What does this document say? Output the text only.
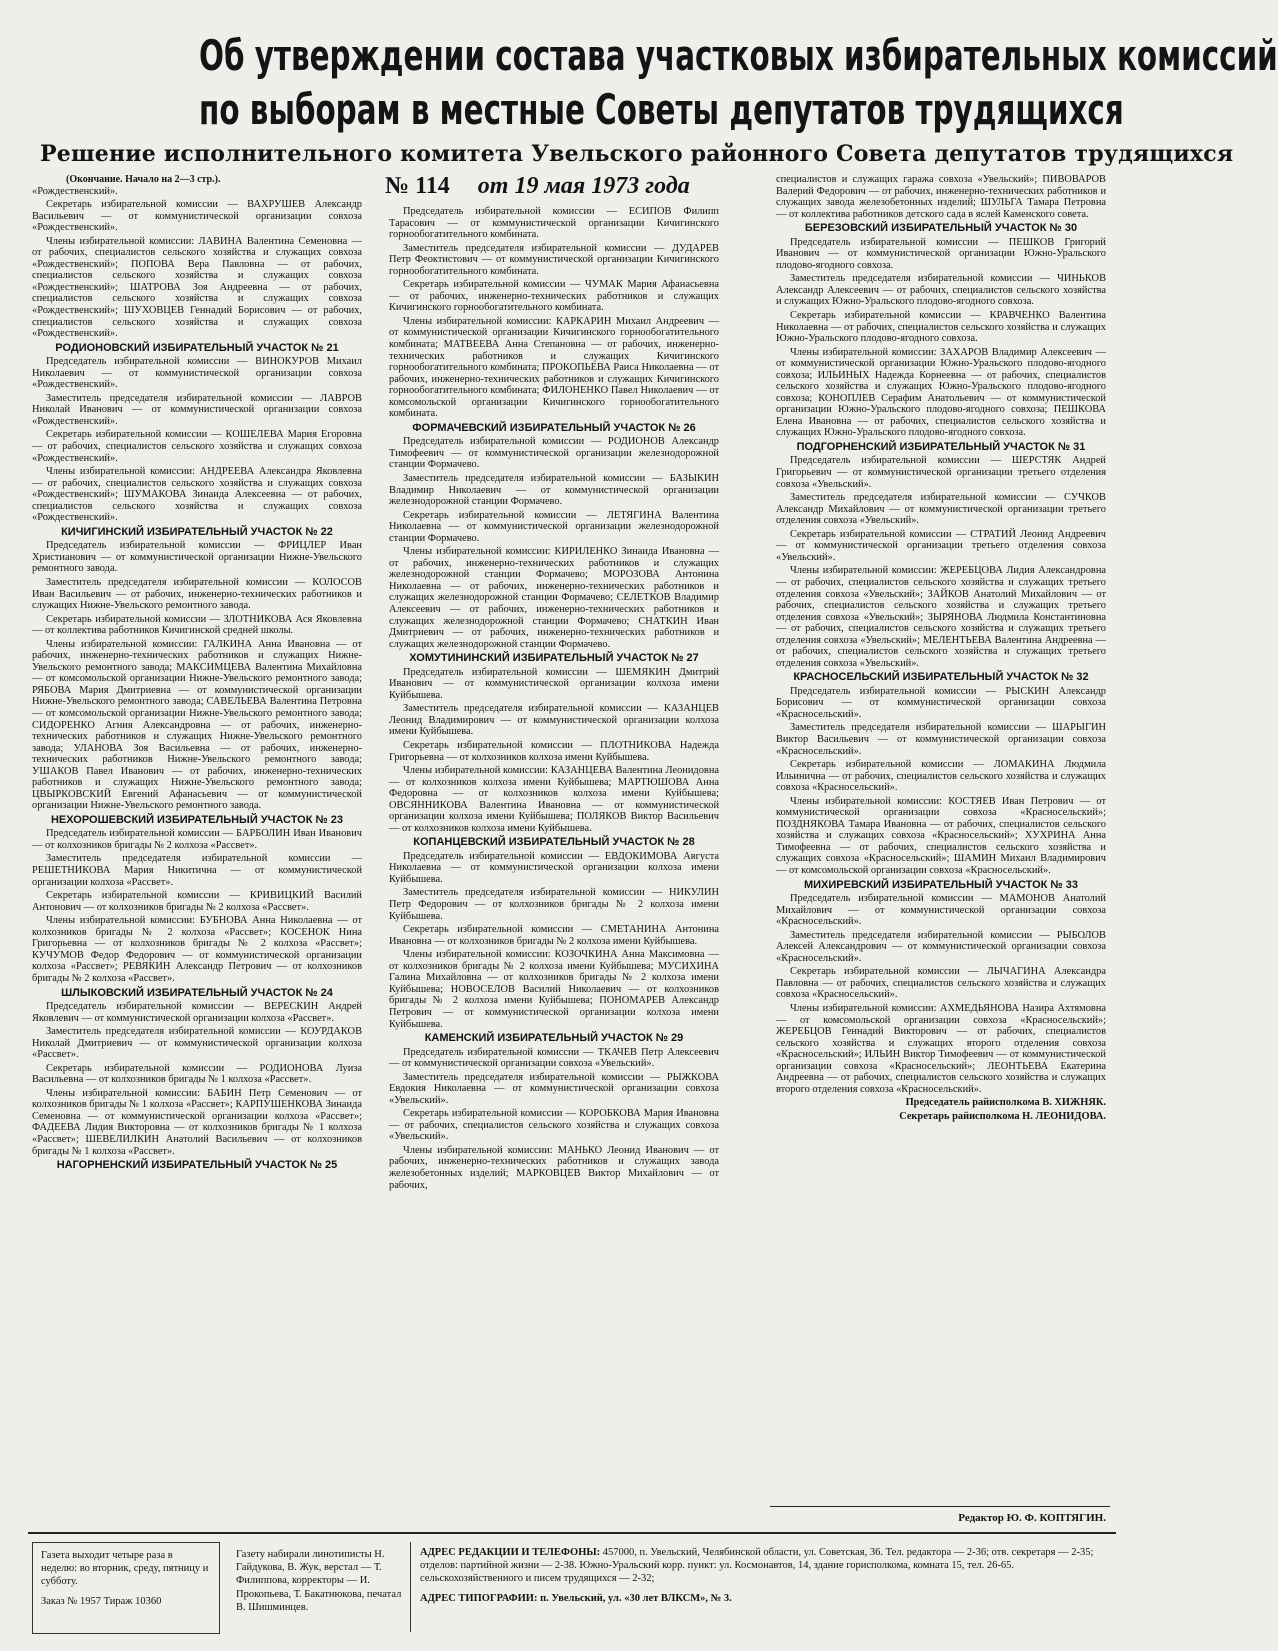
Об утверждении состава участковых избирательных комиссий
по выборам в местные Советы депутатов трудящихся
Решение исполнительного комитета Увельского районного Совета депутатов трудящихся
№ 114 от 19 мая 1973 года

(Окончание. Начало на 2—3 стр.).

«Рождественский».

Секретарь избирательной комиссии — ВАХРУШЕВ Александр Васильевич — от коммунистической организации совхоза «Рождественский».

Члены избирательной комиссии: ЛАВИНА Валентина Семеновна — от рабочих, специалистов сельского хозяйства и служащих совхоза «Рождественский»; ПОПОВА Вера Павловна — от рабочих, специалистов сельского хозяйства и служащих совхоза «Рождественский»; ШАТРОВА Зоя Андреевна — от рабочих, специалистов сельского хозяйства и служащих совхоза «Рождественский»; ШУХОВЦЕВ Геннадий Борисович — от рабочих, специалистов сельского хозяйства и служащих совхоза «Рождественский».

РОДИОНОВСКИЙ ИЗБИРАТЕЛЬНЫЙ УЧАСТОК № 21

Председатель избирательной комиссии — ВИНОКУРОВ Михаил Николаевич — от коммунистической организации совхоза «Рождественский».

Заместитель председателя избирательной комиссии — ЛАВРОВ Николай Иванович — от коммунистической организации совхоза «Рождественский».

Секретарь избирательной комиссии — КОШЕЛЕВА Мария Егоровна — от рабочих, специалистов сельского хозяйства и служащих совхоза «Рождественский».

Члены избирательной комиссии: АНДРЕЕВА Александра Яковлевна — от рабочих, специалистов сельского хозяйства и служащих совхоза «Рождественский»; ШУМАКОВА Зинаида Алексеевна — от рабочих, специалистов сельского хозяйства и служащих совхоза «Рождественский».

КИЧИГИНСКИЙ ИЗБИРАТЕЛЬНЫЙ УЧАСТОК № 22

Председатель избирательной комиссии — ФРИЦЛЕР Иван Христианович — от коммунистической организации Нижне-Увельского ремонтного завода.

Заместитель председателя избирательной комиссии — КОЛОСОВ Иван Васильевич — от рабочих, инженерно-технических работников и служащих Нижне-Увельского ремонтного завода.

Секретарь избирательной комиссии — ЗЛОТНИКОВА Ася Яковлевна — от коллектива работников Кичигинской средней школы.

Члены избирательной комиссии: ГАЛКИНА Анна Ивановна — от рабочих, инженерно-технических работников и служащих Нижне-Увельского ремонтного завода; МАКСИМЦЕВА Валентина Михайловна — от комсомольской организации Нижне-Увельского ремонтного завода; РЯБОВА Мария Дмитриевна — от коммунистической организации Нижне-Увельского ремонтного завода; САВЕЛЬЕВА Валентина Петровна — от комсомольской организации Нижне-Увельского ремонтного завода; СИДОРЕНКО Агния Александровна — от рабочих, инженерно-технических работников и служащих Нижне-Увельского ремонтного завода; УЛАНОВА Зоя Васильевна — от рабочих, инженерно-технических работников Нижне-Увельского ремонтного завода; УШАКОВ Павел Иванович — от рабочих, инженерно-технических работников и служащих Нижне-Увельского ремонтного завода; ЦВЫРКОВСКИЙ Евгений Афанасьевич — от коммунистической организации Нижне-Увельского ремонтного завода.

НЕХОРОШЕВСКИЙ ИЗБИРАТЕЛЬНЫЙ УЧАСТОК № 23

Председатель избирательной комиссии — БАРБОЛИН Иван Иванович — от колхозников бригады № 2 колхоза «Рассвет».

Заместитель председателя избирательной комиссии — РЕШЕТНИКОВА Мария Никитична — от коммунистической организации колхоза «Рассвет».

Секретарь избирательной комиссии — КРИВИЦКИЙ Василий Антонович — от колхозников бригады № 2 колхоза «Рассвет».

Члены избирательной комиссии: БУБНОВА Анна Николаевна — от колхозников бригады № 2 колхоза «Рассвет»; КОСЕНОК Нина Григорьевна — от колхозников бригады № 2 колхоза «Рассвет»; КУЧУМОВ Федор Федорович — от коммунистической организации колхоза «Рассвет»; РЕВЯКИН Александр Петрович — от колхозников бригады № 2 колхоза «Рассвет».

ШЛЫКОВСКИЙ ИЗБИРАТЕЛЬНЫЙ УЧАСТОК № 24

Председатель избирательной комиссии — ВЕРЕСКИН Андрей Яковлевич — от коммунистической организации колхоза «Рассвет».

Заместитель председателя избирательной комиссии — КОУРДАКОВ Николай Дмитриевич — от коммунистической организации колхоза «Рассвет».

Секретарь избирательной комиссии — РОДИОНОВА Луиза Васильевна — от колхозников бригады № 1 колхоза «Рассвет».

Члены избирательной комиссии: БАБИН Петр Семенович — от колхозников бригады № 1 колхоза «Рассвет»; КАРПУШЕНКОВА Зинаида Семеновна — от коммунистической организации колхоза «Рассвет»; ФАДЕЕВА Лидия Викторовна — от колхозников бригады № 1 колхоза «Рассвет»; ШЕВЕЛИЛКИН Анатолий Васильевич — от колхозников бригады № 1 колхоза «Рассвет».

НАГОРНЕНСКИЙ ИЗБИРАТЕЛЬНЫЙ УЧАСТОК № 25

Председатель избирательной комиссии — ЕСИПОВ Филипп Тарасович — от коммунистической организации Кичигинского горнообогатительного комбината.

Заместитель председателя избирательной комиссии — ДУДАРЕВ Петр Феоктистович — от коммунистической организации Кичигинского горнообогатительного комбината.

Секретарь избирательной комиссии — ЧУМАК Мария Афанасьевна — от рабочих, инженерно-технических работников и служащих Кичигинского горнообогатительного комбината.

Члены избирательной комиссии: КАРКАРИН Михаил Андреевич — от коммунистической организации Кичигинского горнообогатительного комбината; МАТВЕЕВА Анна Степановна — от рабочих, инженерно-технических работников и служащих Кичигинского горнообогатительного комбината; ПРОКОПЬЕВА Раиса Николаевна — от рабочих, инженерно-технических работников и служащих Кичигинского горнообогатительного комбината; ФИЛОНЕНКО Павел Николаевич — от комсомольской организации Кичигинского горнообогатительного комбината.

ФОРМАЧЕВСКИЙ ИЗБИРАТЕЛЬНЫЙ УЧАСТОК № 26

Председатель избирательной комиссии — РОДИОНОВ Александр Тимофеевич — от коммунистической организации железнодорожной станции Формачево.

Заместитель председателя избирательной комиссии — БАЗЫКИН Владимир Николаевич — от коммунистической организации железнодорожной станции Формачево.

Секретарь избирательной комиссии — ЛЕТЯГИНА Валентина Николаевна — от коммунистической организации железнодорожной станции Формачево.

Члены избирательной комиссии: КИРИЛЕНКО Зинаида Ивановна — от рабочих, инженерно-технических работников и служащих железнодорожной станции Формачево; МОРОЗОВА Антонина Николаевна — от рабочих, инженерно-технических работников и служащих железнодорожной станции Формачево; СЕЛЕТКОВ Владимир Алексеевич — от рабочих, инженерно-технических работников и служащих железнодорожной станции Формачево; СНАТКИН Иван Дмитриевич — от рабочих, инженерно-технических работников и служащих железнодорожной станции Формачево.

ХОМУТИНИНСКИЙ ИЗБИРАТЕЛЬНЫЙ УЧАСТОК № 27

Председатель избирательной комиссии — ШЕМЯКИН Дмитрий Иванович — от коммунистической организации колхоза имени Куйбышева.

Заместитель председателя избирательной комиссии — КАЗАНЦЕВ Леонид Владимирович — от коммунистической организации колхоза имени Куйбышева.

Секретарь избирательной комиссии — ПЛОТНИКОВА Надежда Григорьевна — от колхозников колхоза имени Куйбышева.

Члены избирательной комиссии: КАЗАНЦЕВА Валентина Леонидовна — от колхозников колхоза имени Куйбышева; МАРТЮШОВА Анна Федоровна — от колхозников колхоза имени Куйбышева; ОВСЯННИКОВА Валентина Ивановна — от коммунистической организации колхоза имени Куйбышева; ПОЛЯКОВ Виктор Васильевич — от колхозников колхоза имени Куйбышева.

КОПАНЦЕВСКИЙ ИЗБИРАТЕЛЬНЫЙ УЧАСТОК № 28

Председатель избирательной комиссии — ЕВДОКИМОВА Августа Николаевна — от коммунистической организации колхоза имени Куйбышева.

Заместитель председателя избирательной комиссии — НИКУЛИН Петр Федорович — от колхозников бригады № 2 колхоза имени Куйбышева.

Секретарь избирательной комиссии — СМЕТАНИНА Антонина Ивановна — от колхозников бригады № 2 колхоза имени Куйбышева.

Члены избирательной комиссии: КОЗОЧКИНА Анна Максимовна — от колхозников бригады № 2 колхоза имени Куйбышева; МУСИХИНА Галина Михайловна — от колхозников бригады № 2 колхоза имени Куйбышева; НОВОСЕЛОВ Василий Николаевич — от колхозников бригады № 2 колхоза имени Куйбышева; ПОНОМАРЕВ Александр Петрович — от коммунистической организации колхоза имени Куйбышева.

КАМЕНСКИЙ ИЗБИРАТЕЛЬНЫЙ УЧАСТОК № 29

Председатель избирательной комиссии — ТКАЧЕВ Петр Алексеевич — от коммунистической организации совхоза «Увельский».

Заместитель председателя избирательной комиссии — РЫЖКОВА Евдокия Николаевна — от коммунистической организации совхоза «Увельский».

Секретарь избирательной комиссии — КОРОБКОВА Мария Ивановна — от рабочих, специалистов сельского хозяйства и служащих совхоза «Увельский».

Члены избирательной комиссии: МАНЬКО Леонид Иванович — от рабочих, инженерно-технических работников и служащих завода железобетонных изделий; МАРКОВЦЕВ Виктор Михайлович — от рабочих,

специалистов и служащих гаража совхоза «Увельский»; ПИВОВАРОВ Валерий Федорович — от рабочих, инженерно-технических работников и служащих завода железобетонных изделий; ШУЛЬГА Тамара Петровна — от коллектива работников детского сада в яслей Каменского совета.

БЕРЕЗОВСКИЙ ИЗБИРАТЕЛЬНЫЙ УЧАСТОК № 30

Председатель избирательной комиссии — ПЕШКОВ Григорий Иванович — от коммунистической организации Южно-Уральского плодово-ягодного совхоза.

Заместитель председателя избирательной комиссии — ЧИНЬКОВ Александр Алексеевич — от рабочих, специалистов сельского хозяйства и служащих Южно-Уральского плодово-ягодного совхоза.

Секретарь избирательной комиссии — КРАВЧЕНКО Валентина Николаевна — от рабочих, специалистов сельского хозяйства и служащих Южно-Уральского плодово-ягодного совхоза.

Члены избирательной комиссии: ЗАХАРОВ Владимир Алексеевич — от коммунистической организации Южно-Уральского плодово-ягодного совхоза; ИЛЬИНЫХ Надежда Корнеевна — от рабочих, специалистов сельского хозяйства и служащих Южно-Уральского плодово-ягодного совхоза; КОНОПЛЕВ Серафим Анатольевич — от коммунистической организации Южно-Уральского плодово-ягодного совхоза; ПЕШКОВА Елена Ивановна — от рабочих, специалистов сельского хозяйства и служащих Южно-Уральского плодово-ягодного совхоза.

ПОДГОРНЕНСКИЙ ИЗБИРАТЕЛЬНЫЙ УЧАСТОК № 31

Председатель избирательной комиссии — ШЕРСТЯК Андрей Григорьевич — от коммунистической организации третьего отделения совхоза «Увельский».

Заместитель председателя избирательной комиссии — СУЧКОВ Александр Михайлович — от коммунистической организации третьего отделения совхоза «Увельский».

Секретарь избирательной комиссии — СТРАТИЙ Леонид Андреевич — от коммунистической организации третьего отделения совхоза «Увельский».

Члены избирательной комиссии: ЖЕРЕБЦОВА Лидия Александровна — от рабочих, специалистов сельского хозяйства и служащих третьего отделения совхоза «Увельский»; ЗАЙКОВ Анатолий Михайлович — от рабочих, специалистов сельского хозяйства и служащих третьего отделения совхоза «Увельский»; ЗЫРЯНОВА Людмила Константиновна — от рабочих, специалистов сельского хозяйства и служащих третьего отделения совхоза «Увельский»; МЕЛЕНТЬЕВА Валентина Андреевна — от рабочих, специалистов сельского хозяйства и служащих третьего отделения совхоза «Увельский».

КРАСНОСЕЛЬСКИЙ ИЗБИРАТЕЛЬНЫЙ УЧАСТОК № 32

Председатель избирательной комиссии — РЫСКИН Александр Борисович — от коммунистической организации совхоза «Красносельский».

Заместитель председателя избирательной комиссии — ШАРЫГИН Виктор Васильевич — от коммунистической организации совхоза «Красносельский».

Секретарь избирательной комиссии — ЛОМАКИНА Людмила Ильинична — от рабочих, специалистов сельского хозяйства и служащих совхоза «Красносельский».

Члены избирательной комиссии: КОСТЯЕВ Иван Петрович — от коммунистической организации совхоза «Красносельский»; ПОЗДНЯКОВА Тамара Ивановна — от рабочих, специалистов сельского хозяйства и служащих совхоза «Красносельский»; ХУХРИНА Анна Тимофеевна — от рабочих, специалистов сельского хозяйства и служащих совхоза «Красносельский»; ШАМИН Михаил Владимирович — от комсомольской организации совхоза «Красносельский».

МИХИРЕВСКИЙ ИЗБИРАТЕЛЬНЫЙ УЧАСТОК № 33

Председатель избирательной комиссии — МАМОНОВ Анатолий Михайлович — от коммунистической организации совхоза «Красносельский».

Заместитель председателя избирательной комиссии — РЫБОЛОВ Алексей Александрович — от коммунистической организации совхоза «Красносельский».

Секретарь избирательной комиссии — ЛЫЧАГИНА Александра Павловна — от рабочих, специалистов сельского хозяйства и служащих совхоза «Красносельский».

Члены избирательной комиссии: АХМЕДЬЯНОВА Назира Ахтямовна — от комсомольской организации совхоза «Красносельский»; ЖЕРЕБЦОВ Геннадий Викторович — от рабочих, специалистов сельского хозяйства и служащих второго отделения совхоза «Красносельский»; ИЛЬИН Виктор Тимофеевич — от коммунистической организации совхоза «Красносельский»; ЛЕОНТЬЕВА Екатерина Андреевна — от рабочих, специалистов сельского хозяйства и служащих второго отделения совхоза «Красносельский».

Председатель райисполкома В. ХИЖНЯК.

Секретарь райисполкома Н. ЛЕОНИДОВА.

Редактор Ю. Ф. КОПТЯГИН.
Газета выходит четыре раза в неделю: во вторник, среду, пятницу и субботу.
Заказ № 1957 Тираж 10360
Газету набирали линотиписты Н. Гайдукова, В. Жук, верстал — Т. Филиппова, корректоры — И. Прокопьева, Т. Бакатнюкова, печатал В. Шишминцев.
АДРЕС РЕДАКЦИИ И ТЕЛЕФОНЫ: 457000, п. Увельский, Челябинской области, ул. Советская, 36. Тел. редактора — 2-36; отв. секретаря — 2-35; отделов: партийной жизни — 2-38. Южно-Уральский корр. пункт: ул. Космонавтов, 14, здание горисполкома, комната 15, тел. 26-65. сельскохозяйственного и писем трудящихся — 2-32;
АДРЕС ТИПОГРАФИИ: п. Увельский, ул. «30 лет ВЛКСМ», № 3.
